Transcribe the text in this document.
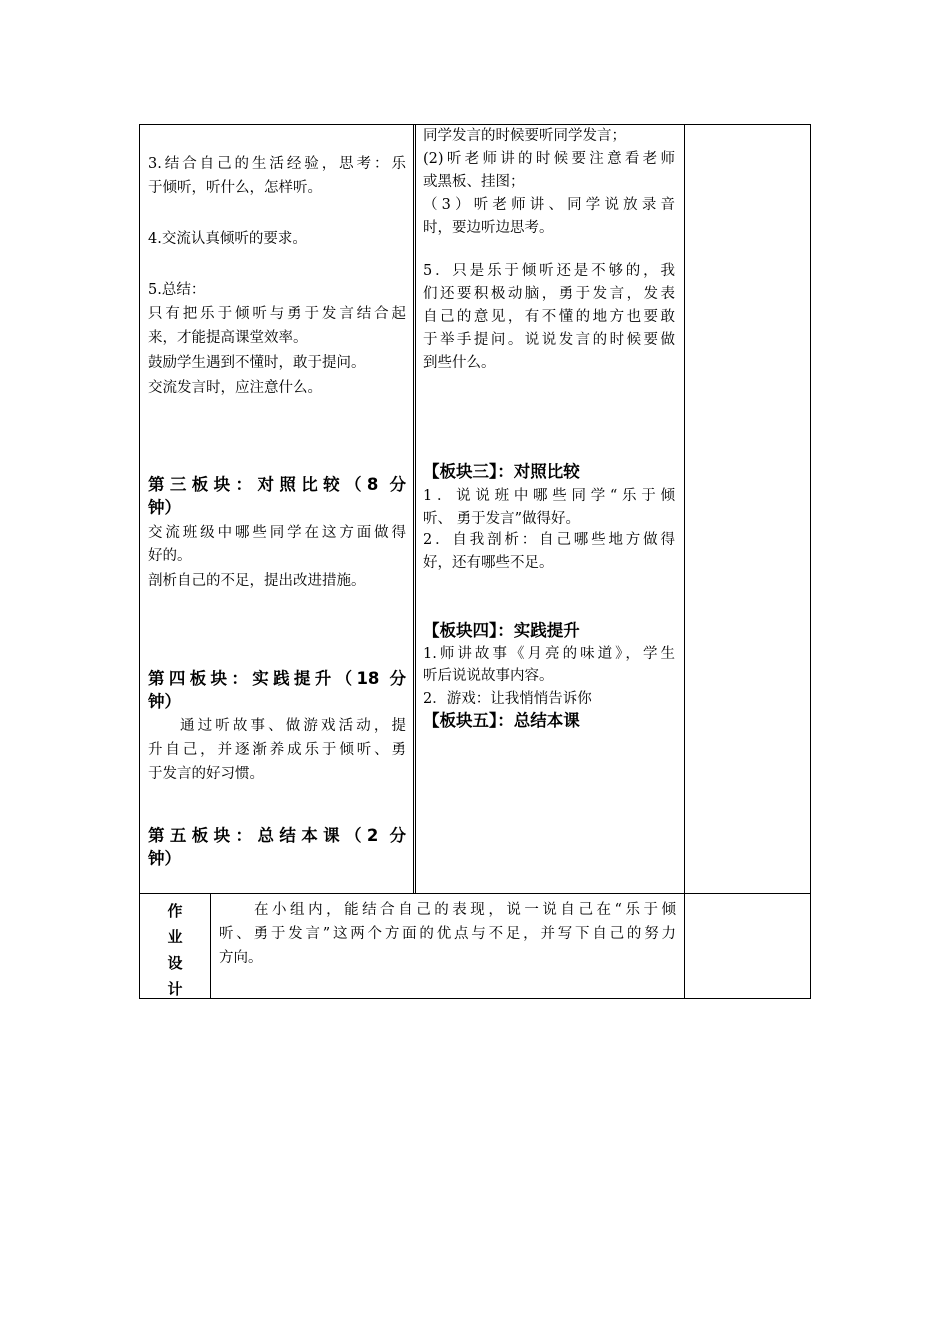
3.结合自己的生活经验，思考：乐
于倾听，听什么，怎样听。
4.交流认真倾听的要求。
5.总结：
只有把乐于倾听与勇于发言结合起
来，才能提高课堂效率。
鼓励学生遇到不懂时，敢于提问。
交流发言时，应注意什么。
第三板块：对照比较（8 分
钟）
交流班级中哪些同学在这方面做得
好的。
剖析自己的不足，提出改进措施。
第四板块：实践提升（18 分
钟）
通过听故事、做游戏活动，提
升自己，并逐渐养成乐于倾听、勇
于发言的好习惯。
第五板块：总结本课（2 分
钟）
同学发言的时候要听同学发言；
(2)听老师讲的时候要注意看老师
或黑板、挂图；
（3）听老师讲、同学说放录音
时，要边听边思考。
5．只是乐于倾听还是不够的，我
们还要积极动脑，勇于发言，发表
自己的意见，有不懂的地方也要敢
于举手提问。说说发言的时候要做
到些什么。
【板块三】：对照比较
1．说说班中哪些同学“乐于倾
听、 勇于发言”做得好。
2．自我剖析：自己哪些地方做得
好，还有哪些不足。
【板块四】：实践提升
1.师讲故事《月亮的味道》，学生
听后说说故事内容。
2．游戏：让我悄悄告诉你
【板块五】：总结本课
作
业
设
计
在小组内，能结合自己的表现，说一说自己在“乐于倾
听、勇于发言”这两个方面的优点与不足，并写下自己的努力
方向。
